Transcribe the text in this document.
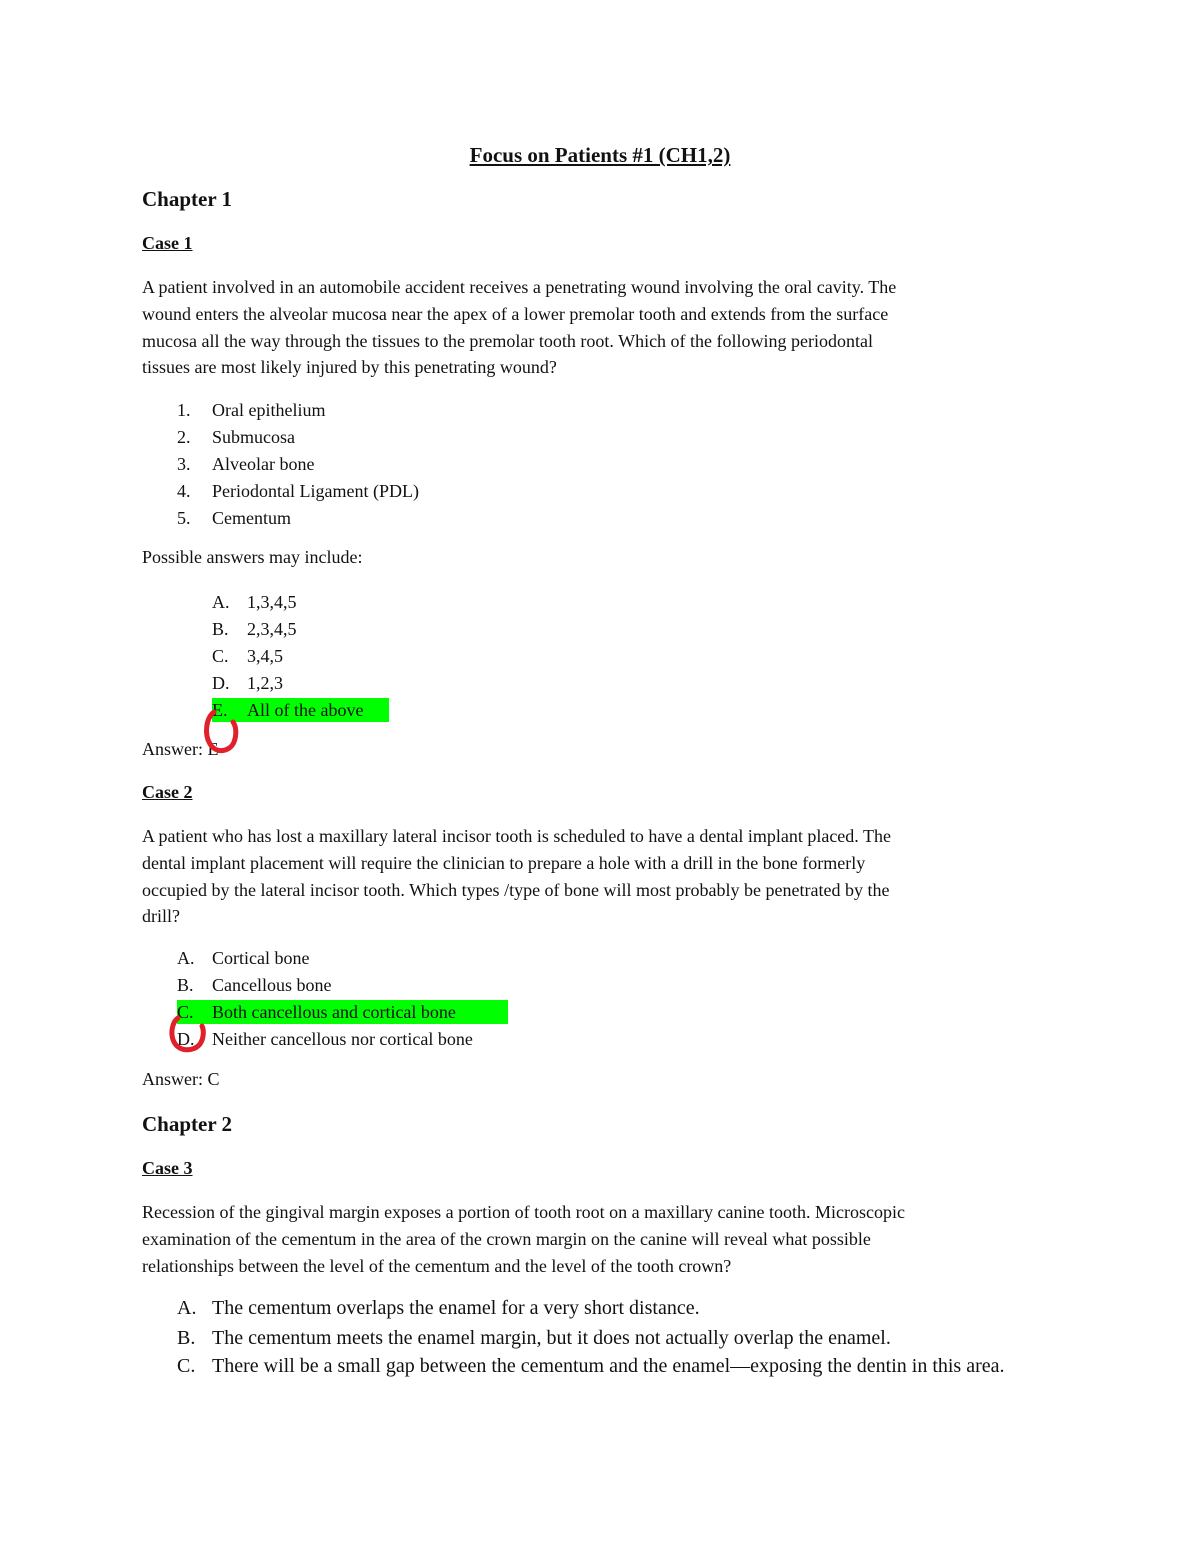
Focus on Patients #1 (CH1,2)
Chapter 1
Case 1
A patient involved in an automobile accident receives a penetrating wound involving the oral cavity. The
wound enters the alveolar mucosa near the apex of a lower premolar tooth and extends from the surface
mucosa all the way through the tissues to the premolar tooth root. Which of the following periodontal
tissues are most likely injured by this penetrating wound?
1.	Oral epithelium
2.	Submucosa
3.	Alveolar bone
4.	Periodontal Ligament (PDL)
5.	Cementum
Possible answers may include:
A. 1,3,4,5
B.	2,3,4,5
C.	3,4,5
D. 1,2,3
E.	All of the above
Answer: E
Case 2
A patient who has lost a maxillary lateral incisor tooth is scheduled to have a dental implant placed. The
dental implant placement will require the clinician to prepare a hole with a drill in the bone formerly
occupied by the lateral incisor tooth. Which types /type of bone will most probably be penetrated by the
drill?
A. Cortical bone
B.	Cancellous bone
C.	Both cancellous and cortical bone
D. Neither cancellous nor cortical bone
Answer: C
Chapter 2
Case 3
Recession of the gingival margin exposes a portion of tooth root on a maxillary canine tooth. Microscopic
examination of the cementum in the area of the crown margin on the canine will reveal what possible
relationships between the level of the cementum and the level of the tooth crown?
A. The cementum overlaps the enamel for a very short distance.
B. The cementum meets the enamel margin, but it does not actually overlap the enamel.
C. There will be a small gap between the cementum and the enamel—exposing the dentin in this area.
